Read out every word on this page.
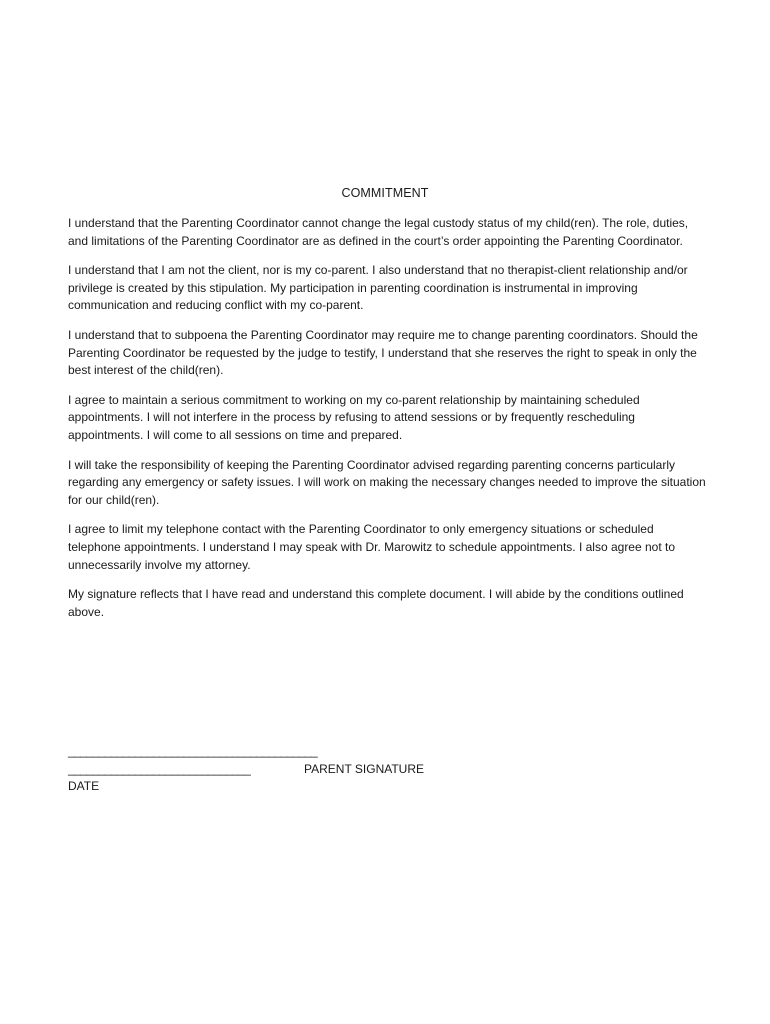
COMMITMENT

I understand that the Parenting Coordinator cannot change the legal custody status of my child(ren). The role, duties, and limitations of the Parenting Coordinator are as defined in the court’s order appointing the Parenting Coordinator.

I understand that I am not the client, nor is my co-parent. I also understand that no therapist-client relationship and/or privilege is created by this stipulation. My participation in parenting coordination is instrumental in improving communication and reducing conflict with my co-parent.

I understand that to subpoena the Parenting Coordinator may require me to change parenting coordinators. Should the Parenting Coordinator be requested by the judge to testify, I understand that she reserves the right to speak in only the best interest of the child(ren).

I agree to maintain a serious commitment to working on my co-parent relationship by maintaining scheduled appointments. I will not interfere in the process by refusing to attend sessions or by frequently rescheduling appointments. I will come to all sessions on time and prepared.

I will take the responsibility of keeping the Parenting Coordinator advised regarding parenting concerns particularly regarding any emergency or safety issues. I will work on making the necessary changes needed to improve the situation for our child(ren).

I agree to limit my telephone contact with the Parenting Coordinator to only emergency situations or scheduled telephone appointments. I understand I may speak with Dr. Marowitz to schedule appointments. I also agree not to unnecessarily involve my attorney.

My signature reflects that I have read and understand this complete document. I will abide by the conditions outlined above.

_________________________________________
______________________________	PARENT SIGNATURE
DATE
